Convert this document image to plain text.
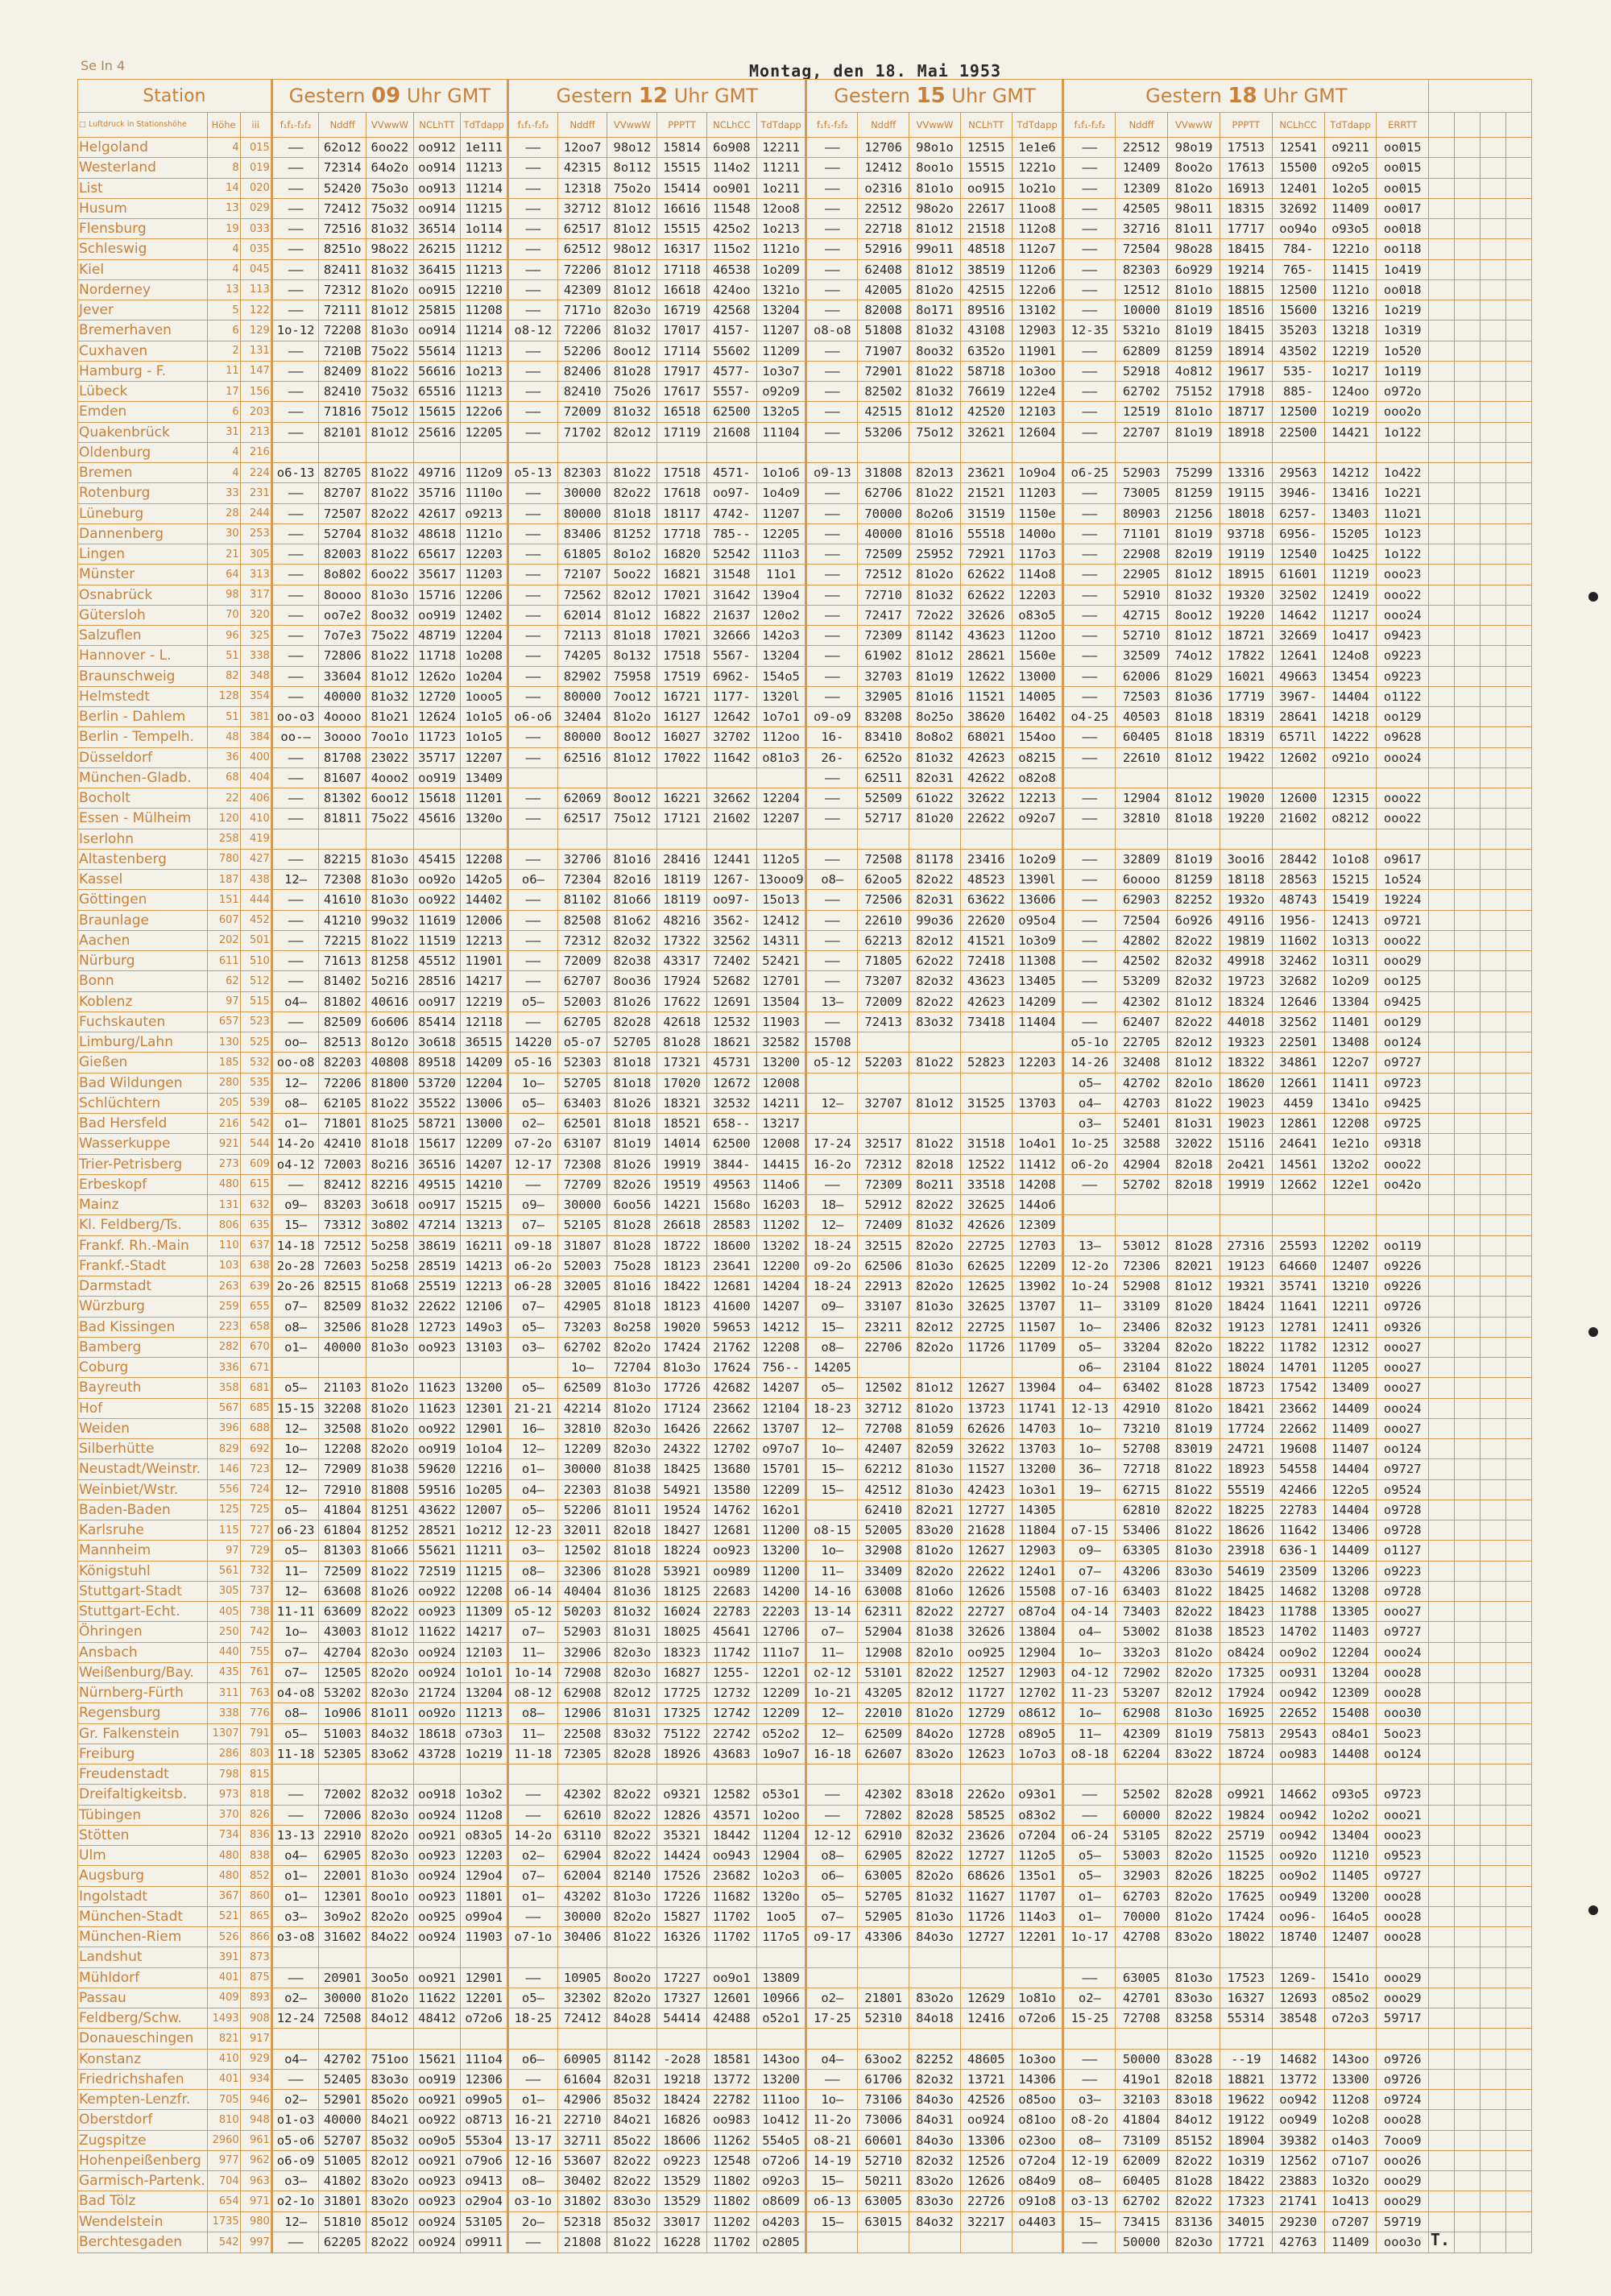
Se In 4	Montag, den 18. Mai 1953
Station			Gestern 09 Uhr GMT					Gestern 12 Uhr GMT						Gestern 15 Uhr GMT					Gestern 18 Uhr GMT										
□ Luftdruck in Stationshöhe	Höhe	iii	f₁f₁-f₂f₂	Nddff	VVwwW	NCLhTT	TdTdapp	f₁f₁-f₂f₂	Nddff	VVwwW	PPPTT	NCLhCC	TdTdapp	f₁f₁-f₂f₂	Nddff	VVwwW	NCLhTT	TdTdapp	f₁f₁-f₂f₂	Nddff	VVwwW	PPPTT	NCLhCC	TdTdapp	ERRTT				
Helgoland	4	015	——	62o12	6oo22	oo912	1e111	——	12oo7	98o12	15814	6o908	12211	——	12706	98o1o	12515	1e1e6	——	22512	98o19	17513	12541	o9211	oo015				
Westerland	8	019	——	72314	64o2o	oo914	11213	——	42315	8o112	15515	114o2	11211	——	12412	8oo1o	15515	1221o	——	12409	8oo2o	17613	15500	o92o5	oo015				
List	14	020	——	52420	75o3o	oo913	11214	——	12318	75o2o	15414	oo901	1o211	——	o2316	81o1o	oo915	1o21o	——	12309	81o2o	16913	12401	1o2o5	oo015				
Husum	13	029	——	72412	75o32	oo914	11215	——	32712	81o12	16616	11548	12oo8	——	22512	98o2o	22617	11oo8	——	42505	98o11	18315	32692	11409	oo017				
Flensburg	19	033	——	72516	81o32	36514	1o114	——	62517	81o12	15515	425o2	1o213	——	22718	81o12	21518	112o8	——	32716	81o11	17717	oo94o	o93o5	oo018				
Schleswig	4	035	——	8251o	98o22	26215	11212	——	62512	98o12	16317	115o2	1121o	——	52916	99o11	48518	112o7	——	72504	98o28	18415	784-	1221o	oo118				
Kiel	4	045	——	82411	81o32	36415	11213	——	72206	81o12	17118	46538	1o209	——	62408	81o12	38519	112o6	——	82303	6o929	19214	765-	11415	1o419				
Norderney	13	113	——	72312	81o2o	oo915	12210	——	42309	81o12	16618	424oo	1321o	——	42005	81o2o	42515	122o6	——	12512	81o1o	18815	12500	1121o	oo018				
Jever	5	122	——	72111	81o12	25815	11208	——	7171o	82o3o	16719	42568	13204	——	82008	8o171	89516	13102	——	10000	81o19	18516	15600	13216	1o219				
Bremerhaven	6	129	1o-12	72208	81o3o	oo914	11214	o8-12	72206	81o32	17017	4157-	11207	o8-o8	51808	81o32	43108	12903	12-35	5321o	81o19	18415	35203	13218	1o319				
Cuxhaven	2	131	——	7210B	75o22	55614	11213	——	52206	8oo12	17114	55602	11209	——	71907	8oo32	6352o	11901	——	62809	81259	18914	43502	12219	1o520				
Hamburg - F.	11	147	——	82409	81o22	56616	1o213	——	82406	81o28	17917	4577-	1o3o7	——	72901	81o22	58718	1o3oo	——	52918	4o812	19617	535-	1o217	1o119				
Lübeck	17	156	——	82410	75o32	65516	11213	——	82410	75o26	17617	5557-	o92o9	——	82502	81o32	76619	122e4	——	62702	75152	17918	885-	124oo	o972o				
Emden	6	203	——	71816	75o12	15615	122o6	——	72009	81o32	16518	62500	132o5	——	42515	81o12	42520	12103	——	12519	81o1o	18717	12500	1o219	ooo2o				
Quakenbrück	31	213	——	82101	81o12	25616	12205	——	71702	82o12	17119	21608	11104	——	53206	75o12	32621	12604	——	22707	81o19	18918	22500	14421	1o122				
Oldenburg	4	216																											
Bremen	4	224	o6-13	82705	81o22	49716	112o9	o5-13	82303	81o22	17518	4571-	1o1o6	o9-13	31808	82o13	23621	1o9o4	o6-25	52903	75299	13316	29563	14212	1o422				
Rotenburg	33	231	——	82707	81o22	35716	1110o	——	30000	82o22	17618	oo97-	1o4o9	——	62706	81o22	21521	11203	——	73005	81259	19115	3946-	13416	1o221				
Lüneburg	28	244	——	72507	82o22	42617	o9213	——	80000	81o18	18117	4742-	11207	——	70000	8o2o6	31519	1150e	——	80903	21256	18018	6257-	13403	11o21				
Dannenberg	30	253	——	52704	81o32	48618	1121o	——	83406	81252	17718	785--	12205	——	40000	81o16	55518	1400o	——	71101	81o19	93718	6956-	15205	1o123				
Lingen	21	305	——	82003	81o22	65617	12203	——	61805	8o1o2	16820	52542	111o3	——	72509	25952	72921	117o3	——	22908	82o19	19119	12540	1o425	1o122				
Münster	64	313	——	8o802	6oo22	35617	11203	——	72107	5oo22	16821	31548	11o1	——	72512	81o2o	62622	114o8	——	22905	81o12	18915	61601	11219	ooo23				
Osnabrück	98	317	——	8oooo	81o3o	15716	12206	——	72562	82o12	17021	31642	139o4	——	72710	81o32	62622	12203	——	52910	81o32	19320	32502	12419	ooo22				
Gütersloh	70	320	——	oo7e2	8oo32	oo919	12402	——	62014	81o12	16822	21637	120o2	——	72417	72o22	32626	o83o5	——	42715	8oo12	19220	14642	11217	ooo24				
Salzuflen	96	325	——	7o7e3	75o22	48719	12204	——	72113	81o18	17021	32666	142o3	——	72309	81142	43623	112oo	——	52710	81o12	18721	32669	1o417	o9423				
Hannover - L.	51	338	——	72806	81o22	11718	1o208	——	74205	8o132	17518	5567-	13204	——	61902	81o12	28621	1560e	——	32509	74o12	17822	12641	124o8	o9223				
Braunschweig	82	348	——	33604	81o12	1262o	1o204	——	82902	75958	17519	6962-	154o5	——	32703	81o19	12622	13000	——	62006	81o29	16021	49663	13454	o9223				
Helmstedt	128	354	——	40000	81o32	12720	1ooo5	——	80000	7oo12	16721	1177-	1320l	——	32905	81o16	11521	14005	——	72503	81o36	17719	3967-	14404	o1122				
Berlin - Dahlem	51	381	oo-o3	4oooo	81o21	12624	1o1o5	o6-o6	32404	81o2o	16127	12642	1o7o1	o9-o9	83208	8o25o	38620	16402	o4-25	40503	81o18	18319	28641	14218	oo129				
Berlin - Tempelh.	48	384	oo-—	3oooo	7oo1o	11723	1o1o5	——	80000	8oo12	16027	32702	112oo	16-	83410	8o8o2	68021	154oo	——	60405	81o18	18319	6571l	14222	o9628				
Düsseldorf	36	400	——	81708	23022	35717	12207	——	62516	81o12	17022	11642	o81o3	26-	6252o	81o32	42623	o8215	——	22610	81o12	19422	12602	o921o	ooo24				
München-Gladb.	68	404	——	81607	4ooo2	oo919	13409							——	62511	82o31	42622	o82o8											
Bocholt	22	406	——	81302	6oo12	15618	11201	——	62069	8oo12	16221	32662	12204	——	52509	61o22	32622	12213	——	12904	81o12	19020	12600	12315	ooo22				
Essen - Mülheim	120	410	——	81811	75o22	45616	1320o	——	62517	75o12	17121	21602	12207	——	52717	81o20	22622	o92o7	——	32810	81o18	19220	21602	o8212	ooo22				
Iserlohn	258	419																											
Altastenberg	780	427	——	82215	81o3o	45415	12208	——	32706	81o16	28416	12441	112o5	——	72508	81178	23416	1o2o9	——	32809	81o19	3oo16	28442	1o1o8	o9617				
Kassel	187	438	12—	72308	81o3o	oo92o	142o5	o6—	72304	82o16	18119	1267-	13ooo9	o8—	62oo5	82o22	48523	1390l	——	6oooo	81259	18118	28563	15215	1o524				
Göttingen	151	444	——	41610	81o3o	oo922	14402	——	81102	81o66	18119	oo97-	15o13	——	72506	82o31	63622	13606	——	62903	82252	1932o	48743	15419	19224				
Braunlage	607	452	——	41210	99o32	11619	12006	——	82508	81o62	48216	3562-	12412	——	22610	99o36	22620	o95o4	——	72504	6o926	49116	1956-	12413	o9721				
Aachen	202	501	——	72215	81o22	11519	12213	——	72312	82o32	17322	32562	14311	——	62213	82o12	41521	1o3o9	——	42802	82o22	19819	11602	1o313	ooo22				
Nürburg	611	510	——	71613	81258	45512	11901	——	72009	82o38	43317	72402	52421	——	71805	62o22	72418	11308	——	42502	82o32	49918	32462	1o311	ooo29				
Bonn	62	512	——	81402	5o216	28516	14217	——	62707	8oo36	17924	52682	12701	——	73207	82o32	43623	13405	——	53209	82o32	19723	32682	1o2o9	oo125				
Koblenz	97	515	o4—	81802	40616	oo917	12219	o5—	52003	81o26	17622	12691	13504	13—	72009	82o22	42623	14209	——	42302	81o12	18324	12646	13304	o9425				
Fuchskauten	657	523	——	82509	6o606	85414	12118	——	62705	82o28	42618	12532	11903	——	72413	83o32	73418	11404	——	62407	82o22	44018	32562	11401	oo129				
Limburg/Lahn	130	525	oo—	82513	8o12o	3o618	36515	14220	o5-o7	52705	81o28	18621	32582	15708					o5-1o	22705	82o12	19323	22501	13408	oo124				
Gießen	185	532	oo-o8	82203	40808	89518	14209	o5-16	52303	81o18	17321	45731	13200	o5-12	52203	81o22	52823	12203	14-26	32408	81o12	18322	34861	122o7	o9727				
Bad Wildungen	280	535	12—	72206	81800	53720	12204	1o—	52705	81o18	17020	12672	12008						o5—	42702	82o1o	18620	12661	11411	o9723				
Schlüchtern	205	539	o8—	62105	81o22	35522	13006	o5—	63403	81o26	18321	32532	14211	12—	32707	81o12	31525	13703	o4—	42703	81o22	19023	4459	1341o	o9425				
Bad Hersfeld	216	542	o1—	71801	81o25	58721	13000	o2—	62501	81o18	18521	658--	13217						o3—	52401	81o31	19023	12861	12208	o9725				
Wasserkuppe	921	544	14-2o	42410	81o18	15617	12209	o7-2o	63107	81o19	14014	62500	12008	17-24	32517	81o22	31518	1o4o1	1o-25	32588	32022	15116	24641	1e21o	o9318				
Trier-Petrisberg	273	609	o4-12	72003	8o216	36516	14207	12-17	72308	81o26	19919	3844-	14415	16-2o	72312	82o18	12522	11412	o6-2o	42904	82o18	2o421	14561	132o2	ooo22				
Erbeskopf	480	615	——	82412	82216	49515	14210	——	72709	82o26	19519	49563	114o6	——	72309	8o211	33518	14208	——	52702	82o18	19919	12662	122e1	oo42o				
Mainz	131	632	o9—	83203	3o618	oo917	15215	o9—	30000	6oo56	14221	1568o	16203	18—	52912	82o22	32625	144o6											
Kl. Feldberg/Ts.	806	635	15—	73312	3o802	47214	13213	o7—	52105	81o28	26618	28583	11202	12—	72409	81o32	42626	12309											
Frankf. Rh.-Main	110	637	14-18	72512	5o258	38619	16211	o9-18	31807	81o28	18722	18600	13202	18-24	32515	82o2o	22725	12703	13—	53012	81o28	27316	25593	12202	oo119				
Frankf.-Stadt	103	638	2o-28	72603	5o258	28519	14213	o6-2o	52003	75o28	18123	23641	12200	o9-2o	62506	81o3o	62625	12209	12-2o	72306	82021	19123	64660	12407	o9226				
Darmstadt	263	639	2o-26	82515	81o68	25519	12213	o6-28	32005	81o16	18422	12681	14204	18-24	22913	82o2o	12625	13902	1o-24	52908	81o12	19321	35741	13210	o9226				
Würzburg	259	655	o7—	82509	81o32	22622	12106	o7—	42905	81o18	18123	41600	14207	o9—	33107	81o3o	32625	13707	11—	33109	81o20	18424	11641	12211	o9726				
Bad Kissingen	223	658	o8—	32506	81o28	12723	149o3	o5—	73203	8o258	19020	59653	14212	15—	23211	82o12	22725	11507	1o—	23406	82o32	19123	12781	12411	o9326				
Bamberg	282	670	o1—	40000	81o3o	oo923	13103	o3—	62702	82o2o	17424	21762	12208	o8—	22706	82o2o	11726	11709	o5—	33204	82o2o	18222	11782	12312	ooo27				
Coburg	336	671							1o—	72704	81o3o	17624	756--	14205					o6—	23104	81o22	18024	14701	11205	ooo27				
Bayreuth	358	681	o5—	21103	81o2o	11623	13200	o5—	62509	81o3o	17726	42682	14207	o5—	12502	81o12	12627	13904	o4—	63402	81o28	18723	17542	13409	ooo27				
Hof	567	685	15-15	32208	81o2o	11623	12301	21-21	42214	81o2o	17124	23662	12104	18-23	32712	81o2o	13723	11741	12-13	42910	81o2o	18421	23662	14409	ooo24				
Weiden	396	688	12—	32508	81o2o	oo922	12901	16—	32810	82o3o	16426	22662	13707	12—	72708	81o59	62626	14703	1o—	73210	81o19	17724	22662	11409	ooo27				
Silberhütte	829	692	1o—	12208	82o2o	oo919	1o1o4	12—	12209	82o3o	24322	12702	o97o7	1o—	42407	82o59	32622	13703	1o—	52708	83019	24721	19608	11407	oo124				
Neustadt/Weinstr.	146	723	12—	72909	81o38	59620	12216	o1—	30000	81o38	18425	13680	15701	15—	62212	81o3o	11527	13200	36—	72718	81o22	18923	54558	14404	o9727				
Weinbiet/Wstr.	556	724	12—	72910	81808	59516	1o205	o4—	22303	81o38	54921	13580	12209	15—	42512	81o3o	42423	1o3o1	19—	62715	81o22	55519	42466	122o5	o9524				
Baden-Baden	125	725	o5—	41804	81251	43622	12007	o5—	52206	81o11	19524	14762	162o1		62410	82o21	12727	14305		62810	82o22	18225	22783	14404	o9728				
Karlsruhe	115	727	o6-23	61804	81252	28521	1o212	12-23	32011	82o18	18427	12681	11200	o8-15	52005	83o20	21628	11804	o7-15	53406	81o22	18626	11642	13406	o9728				
Mannheim	97	729	o5—	81303	81o66	55621	11211	o3—	12502	81o18	18224	oo923	13200	1o—	32908	81o2o	12627	12903	o9—	63305	81o3o	23918	636-1	14409	o1127				
Königstuhl	561	732	11—	72509	81o22	72519	11215	o8—	32306	81o28	53921	oo989	11200	11—	33409	82o2o	22622	124o1	o7—	43206	83o3o	54619	23509	13206	o9223				
Stuttgart-Stadt	305	737	12—	63608	81o26	oo922	12208	o6-14	40404	81o36	18125	22683	14200	14-16	63008	81o6o	12626	15508	o7-16	63403	81o22	18425	14682	13208	o9728				
Stuttgart-Echt.	405	738	11-11	63609	82o22	oo923	11309	o5-12	50203	81o32	16024	22783	22203	13-14	62311	82o22	22727	o87o4	o4-14	73403	82o22	18423	11788	13305	ooo27				
Öhringen	250	742	1o—	43003	81o12	11622	14217	o7—	52903	81o31	18025	45641	12706	o7—	52904	81o38	32626	13804	o4—	53002	81o38	18523	14702	11403	o9727				
Ansbach	440	755	o7—	42704	82o3o	oo924	12103	11—	32906	82o3o	18323	11742	111o7	11—	12908	82o1o	oo925	12904	1o—	332o3	81o2o	o8424	oo9o2	12204	ooo24				
Weißenburg/Bay.	435	761	o7—	12505	82o2o	oo924	1o1o1	1o-14	72908	82o3o	16827	1255-	122o1	o2-12	53101	82o22	12527	12903	o4-12	72902	82o2o	17325	oo931	13204	ooo28				
Nürnberg-Fürth	311	763	o4-o8	53202	82o3o	21724	13204	o8-12	62908	82o12	17725	12732	12209	1o-21	43205	82o12	11727	12702	11-23	53207	82o12	17924	oo942	12309	ooo28				
Regensburg	338	776	o8—	1o906	81o11	oo92o	11213	o8—	12906	81o31	17325	12742	12209	12—	22010	81o2o	12729	o8612	1o—	62908	81o3o	16925	22652	15408	ooo30				
Gr. Falkenstein	1307	791	o5—	51003	84o32	18618	o73o3	11—	22508	83o32	75122	22742	o52o2	12—	62509	84o2o	12728	o89o5	11—	42309	81o19	75813	29543	o84o1	5oo23				
Freiburg	286	803	11-18	52305	83o62	43728	1o219	11-18	72305	82o28	18926	43683	1o9o7	16-18	62607	83o2o	12623	1o7o3	o8-18	62204	83o22	18724	oo983	14408	oo124				
Freudenstadt	798	815																											
Dreifaltigkeitsb.	973	818	——	72002	82o32	oo918	1o3o2	——	42302	82o22	o9321	12582	o53o1	——	42302	83o18	2262o	o93o1	——	52502	82o28	o9921	14662	o93o5	o9723				
Tübingen	370	826	——	72006	82o3o	oo924	112o8	——	62610	82o22	12826	43571	1o2oo	——	72802	82o28	58525	o83o2	——	60000	82o22	19824	oo942	1o2o2	ooo21				
Stötten	734	836	13-13	22910	82o2o	oo921	o83o5	14-2o	63110	82o22	35321	18442	11204	12-12	62910	82o32	23626	o7204	o6-24	53105	82o22	25719	oo942	13404	ooo23				
Ulm	480	838	o4—	62905	82o3o	oo923	12203	o2—	62904	82o22	14424	oo943	12904	o8—	62905	82o22	12727	112o5	o5—	53003	82o2o	11525	oo92o	11210	o9523				
Augsburg	480	852	o1—	22001	81o3o	oo924	129o4	o7—	62004	82140	17526	23682	1o2o3	o6—	63005	82o2o	68626	135o1	o5—	32903	82o26	18225	oo9o2	11405	o9727				
Ingolstadt	367	860	o1—	12301	8oo1o	oo923	11801	o1—	43202	81o3o	17226	11682	1320o	o5—	52705	81o32	11627	11707	o1—	62703	82o2o	17625	oo949	13200	ooo28				
München-Stadt	521	865	o3—	3o9o2	82o2o	oo925	o99o4	——	30000	82o2o	15827	11702	1oo5	o7—	52905	81o3o	11726	114o3	o1—	70000	81o2o	17424	oo96-	164o5	ooo28				
München-Riem	526	866	o3-o8	31602	84o22	oo924	11903	o7-1o	30406	81o22	16326	11702	117o5	o9-17	43306	84o3o	12727	12201	1o-17	42708	83o2o	18022	18740	12407	ooo28				
Landshut	391	873																											
Mühldorf	401	875	——	20901	3oo5o	oo921	12901	——	10905	8oo2o	17227	oo9o1	13809						——	63005	81o3o	17523	1269-	1541o	ooo29				
Passau	409	893	o2—	30000	81o2o	11622	12201	o5—	32302	82o2o	17327	12601	10966	o2—	21801	83o2o	12629	1o81o	o2—	42701	83o3o	16327	12693	o85o2	ooo29				
Feldberg/Schw.	1493	908	12-24	72508	84o12	48412	o72o6	18-25	72412	84o28	54414	42488	o52o1	17-25	52310	84o18	12416	o72o6	15-25	72708	83258	55314	38548	o72o3	59717				
Donaueschingen	821	917																											
Konstanz	410	929	o4—	42702	751oo	15621	111o4	o6—	60905	81142	-2o28	18581	143oo	o4—	63oo2	82252	48605	1o3oo	——	50000	83o28	--19	14682	143oo	o9726				
Friedrichshafen	401	934	——	52405	83o3o	oo919	12306	——	61604	82o31	19218	13772	13200	——	61706	82o32	13721	14306	——	419o1	82o18	18821	13772	13300	o9726				
Kempten-Lenzfr.	705	946	o2—	52901	85o2o	oo921	o99o5	o1—	42906	85o32	18424	22782	111oo	1o—	73106	84o3o	42526	o85oo	o3—	32103	83o18	19622	oo942	112o8	o9724				
Oberstdorf	810	948	o1-o3	40000	84o21	oo922	o8713	16-21	22710	84o21	16826	oo983	1o412	11-2o	73006	84o31	oo924	o81oo	o8-2o	41804	84o12	19122	oo949	1o2o8	ooo28				
Zugspitze	2960	961	o5-o6	52707	85o32	oo9o5	553o4	13-17	32711	85o22	18606	11262	554o5	o8-21	60601	84o3o	13306	o23oo	o8—	73109	85152	18904	39382	o14o3	7ooo9				
Hohenpeißenberg	977	962	o6-o9	51005	82o12	oo921	o79o6	12-16	53607	82o22	o9223	12548	o72o6	14-19	52710	82o32	12526	o72o4	12-19	62009	82o22	1o319	12562	o71o7	ooo26				
Garmisch-Partenk.	704	963	o3—	41802	83o2o	oo923	o9413	o8—	30402	82o22	13529	11802	o92o3	15—	50211	83o2o	12626	o84o9	o8—	60405	81o28	18422	23883	1o32o	ooo29				
Bad Tölz	654	971	o2-1o	31801	83o2o	oo923	o29o4	o3-1o	31802	83o3o	13529	11802	o8609	o6-13	63005	83o3o	22726	o91o8	o3-13	62702	82o22	17323	21741	1o413	ooo29				
Wendelstein	1735	980	12—	51810	85o12	oo924	53105	2o—	52318	85o32	33017	11202	o4203	15—	63015	84o32	32217	o4403	15—	73415	83136	34015	29230	o7207	59719				
Berchtesgaden	542	997	——	62205	82o22	oo924	o9911	——	21808	81o22	16228	11702	o2805						——	50000	82o3o	17721	42763	11409	ooo3o				T.
